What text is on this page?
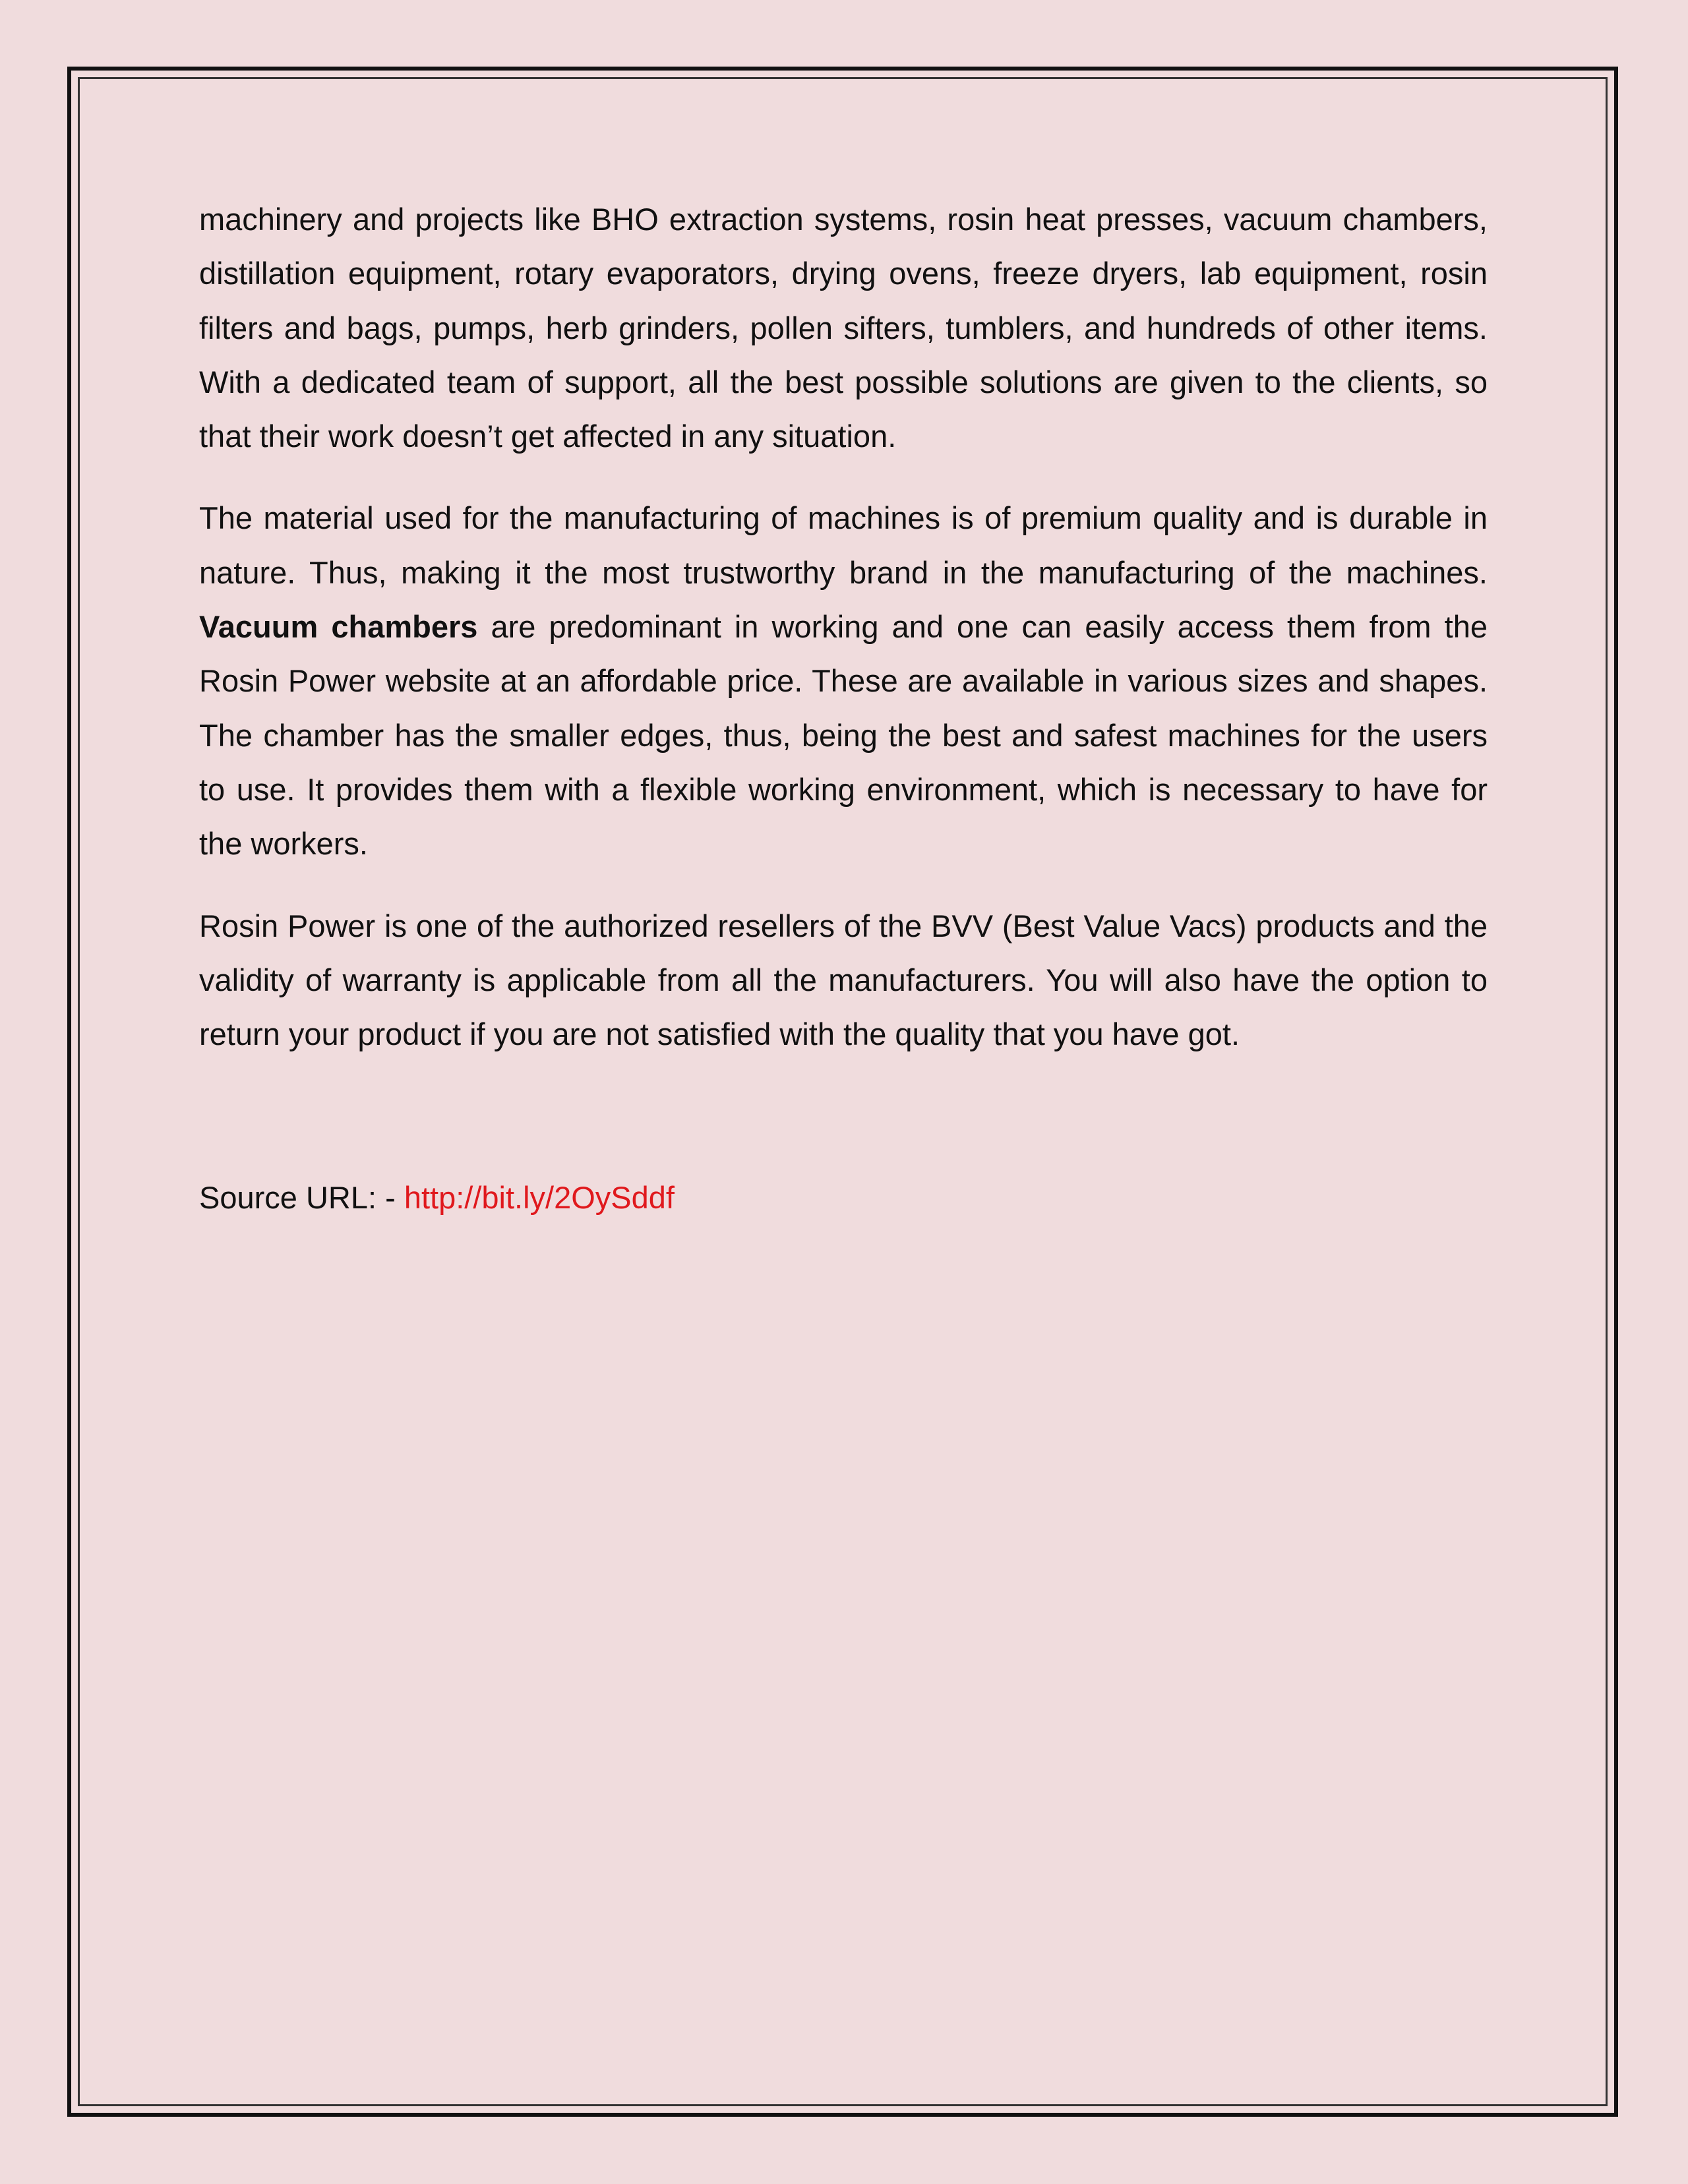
machinery and projects like BHO extraction systems, rosin heat presses, vacuum chambers, distillation equipment, rotary evaporators, drying ovens, freeze dryers, lab equipment, rosin filters and bags, pumps, herb grinders, pollen sifters, tumblers, and hundreds of other items. With a dedicated team of support, all the best possible solutions are given to the clients, so that their work doesn’t get affected in any situation.

The material used for the manufacturing of machines is of premium quality and is durable in nature. Thus, making it the most trustworthy brand in the manufacturing of the machines. Vacuum chambers are predominant in working and one can easily access them from the Rosin Power website at an affordable price. These are available in various sizes and shapes. The chamber has the smaller edges, thus, being the best and safest machines for the users to use. It provides them with a flexible working environment, which is necessary to have for the workers.

Rosin Power is one of the authorized resellers of the BVV (Best Value Vacs) products and the validity of warranty is applicable from all the manufacturers. You will also have the option to return your product if you are not satisfied with the quality that you have got.

Source URL: - http://bit.ly/2OySddf
